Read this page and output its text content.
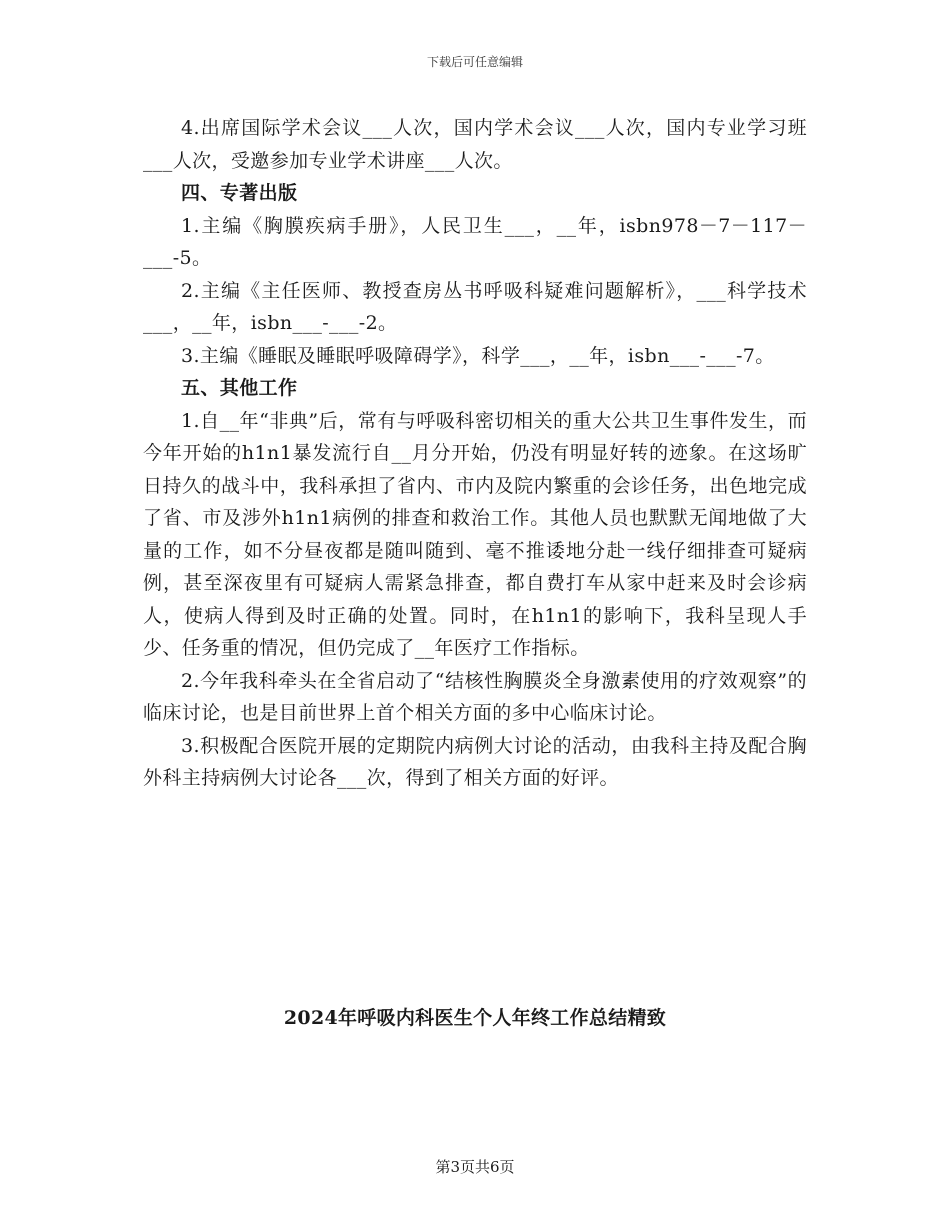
下载后可任意编辑

4.出席国际学术会议___人次，国内学术会议___人次，国内专业学习班___人次，受邀参加专业学术讲座___人次。

四、专著出版

1.主编《胸膜疾病手册》，人民卫生___，__年，isbn978－7－117－___-5。

2.主编《主任医师、教授查房丛书呼吸科疑难问题解析》，___科学技术___，__年，isbn___-___-2。

3.主编《睡眠及睡眠呼吸障碍学》，科学___，__年，isbn___-___-7。

五、其他工作

1.自__年“非典”后，常有与呼吸科密切相关的重大公共卫生事件发生，而今年开始的h1n1暴发流行自__月分开始，仍没有明显好转的迹象。在这场旷日持久的战斗中，我科承担了省内、市内及院内繁重的会诊任务，出色地完成了省、市及涉外h1n1病例的排查和救治工作。其他人员也默默无闻地做了大量的工作，如不分昼夜都是随叫随到、毫不推诿地分赴一线仔细排查可疑病例，甚至深夜里有可疑病人需紧急排查，都自费打车从家中赶来及时会诊病人，使病人得到及时正确的处置。同时，在h1n1的影响下，我科呈现人手少、任务重的情况，但仍完成了__年医疗工作指标。

2.今年我科牵头在全省启动了“结核性胸膜炎全身激素使用的疗效观察”的临床讨论，也是目前世界上首个相关方面的多中心临床讨论。

3.积极配合医院开展的定期院内病例大讨论的活动，由我科主持及配合胸外科主持病例大讨论各___次，得到了相关方面的好评。

2024年呼吸内科医生个人年终工作总结精致
第3页共6页
